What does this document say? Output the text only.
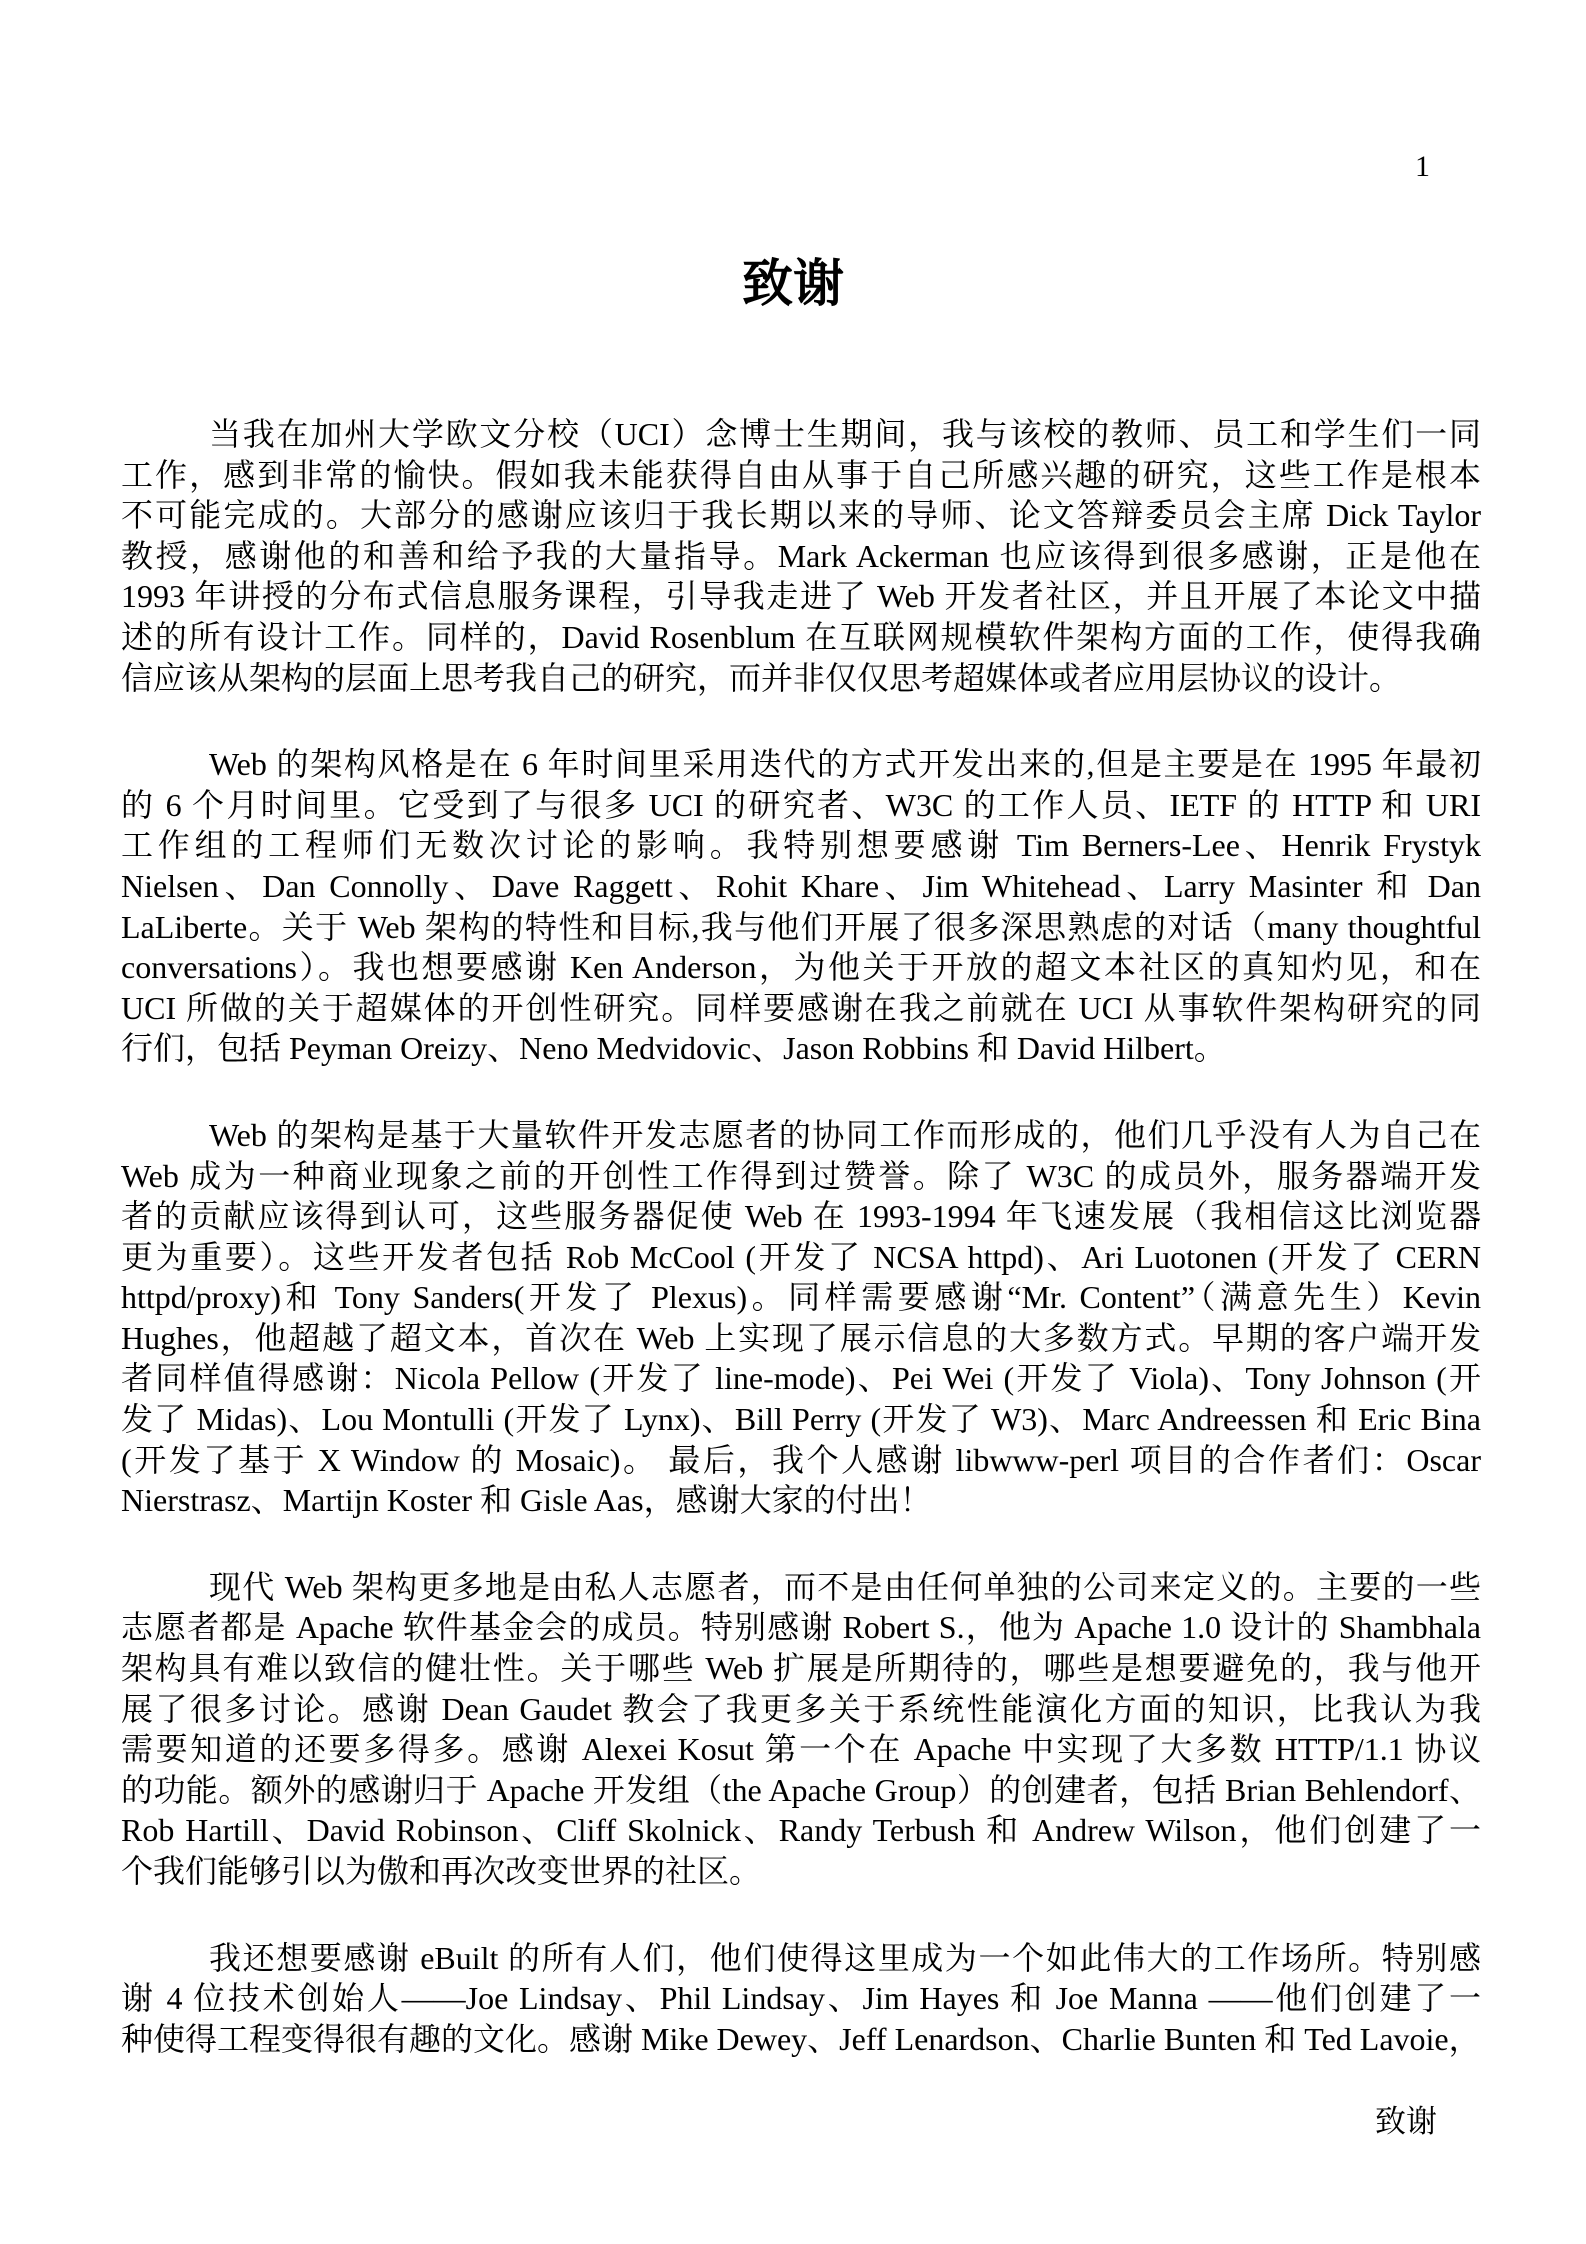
1
致谢

当我在加州大学欧文分校（UCI）念博士生期间，我与该校的教师、员工和学生们一同
工作，感到非常的愉快。假如我未能获得自由从事于自己所感兴趣的研究，这些工作是根本
不可能完成的。大部分的感谢应该归于我长期以来的导师、论文答辩委员会主席 Dick Taylor
教授，感谢他的和善和给予我的大量指导。Mark Ackerman 也应该得到很多感谢，正是他在
1993 年讲授的分布式信息服务课程，引导我走进了 Web 开发者社区，并且开展了本论文中描
述的所有设计工作。同样的，David Rosenblum 在互联网规模软件架构方面的工作，使得我确
信应该从架构的层面上思考我自己的研究，而并非仅仅思考超媒体或者应用层协议的设计。

Web 的架构风格是在 6 年时间里采用迭代的方式开发出来的,但是主要是在 1995 年最初
的 6 个月时间里。它受到了与很多 UCI 的研究者、W3C 的工作人员、IETF 的 HTTP 和 URI
工作组的工程师们无数次讨论的影响。我特别想要感谢 Tim Berners-Lee、Henrik Frystyk
Nielsen、Dan Connolly、Dave Raggett、Rohit Khare、Jim Whitehead、Larry Masinter 和 Dan
LaLiberte。关于 Web 架构的特性和目标,我与他们开展了很多深思熟虑的对话（many thoughtful
conversations）。我也想要感谢 Ken Anderson，为他关于开放的超文本社区的真知灼见，和在
UCI 所做的关于超媒体的开创性研究。同样要感谢在我之前就在 UCI 从事软件架构研究的同
行们，包括 Peyman Oreizy、Neno Medvidovic、Jason Robbins 和 David Hilbert。

Web 的架构是基于大量软件开发志愿者的协同工作而形成的，他们几乎没有人为自己在
Web 成为一种商业现象之前的开创性工作得到过赞誉。除了 W3C 的成员外，服务器端开发
者的贡献应该得到认可，这些服务器促使 Web 在 1993-1994 年飞速发展（我相信这比浏览器
更为重要）。这些开发者包括 Rob McCool (开发了 NCSA httpd)、Ari Luotonen (开发了 CERN
httpd/proxy)和 Tony Sanders(开发了 Plexus)。同样需要感谢“Mr. Content”（满意先生）Kevin
Hughes，他超越了超文本，首次在 Web 上实现了展示信息的大多数方式。早期的客户端开发
者同样值得感谢：Nicola Pellow (开发了 line-mode)、Pei Wei (开发了 Viola)、Tony Johnson (开
发了 Midas)、Lou Montulli (开发了 Lynx)、Bill Perry (开发了 W3)、Marc Andreessen 和 Eric Bina
(开发了基于 X Window 的 Mosaic)。 最后，我个人感谢 libwww-perl 项目的合作者们：Oscar
Nierstrasz、Martijn Koster 和 Gisle Aas，感谢大家的付出！

现代 Web 架构更多地是由私人志愿者，而不是由任何单独的公司来定义的。主要的一些
志愿者都是 Apache 软件基金会的成员。特别感谢 Robert S.，他为 Apache 1.0 设计的 Shambhala
架构具有难以致信的健壮性。关于哪些 Web 扩展是所期待的，哪些是想要避免的，我与他开
展了很多讨论。感谢 Dean Gaudet 教会了我更多关于系统性能演化方面的知识，比我认为我
需要知道的还要多得多。感谢 Alexei Kosut 第一个在 Apache 中实现了大多数 HTTP/1.1 协议
的功能。额外的感谢归于 Apache 开发组（the Apache Group）的创建者，包括 Brian Behlendorf、
Rob Hartill、David Robinson、Cliff Skolnick、Randy Terbush 和 Andrew Wilson，他们创建了一
个我们能够引以为傲和再次改变世界的社区。

我还想要感谢 eBuilt 的所有人们，他们使得这里成为一个如此伟大的工作场所。特别感
谢 4 位技术创始人——Joe Lindsay、Phil Lindsay、Jim Hayes 和 Joe Manna ——他们创建了一
种使得工程变得很有趣的文化。感谢 Mike Dewey、Jeff Lenardson、Charlie Bunten 和 Ted Lavoie，

致谢
